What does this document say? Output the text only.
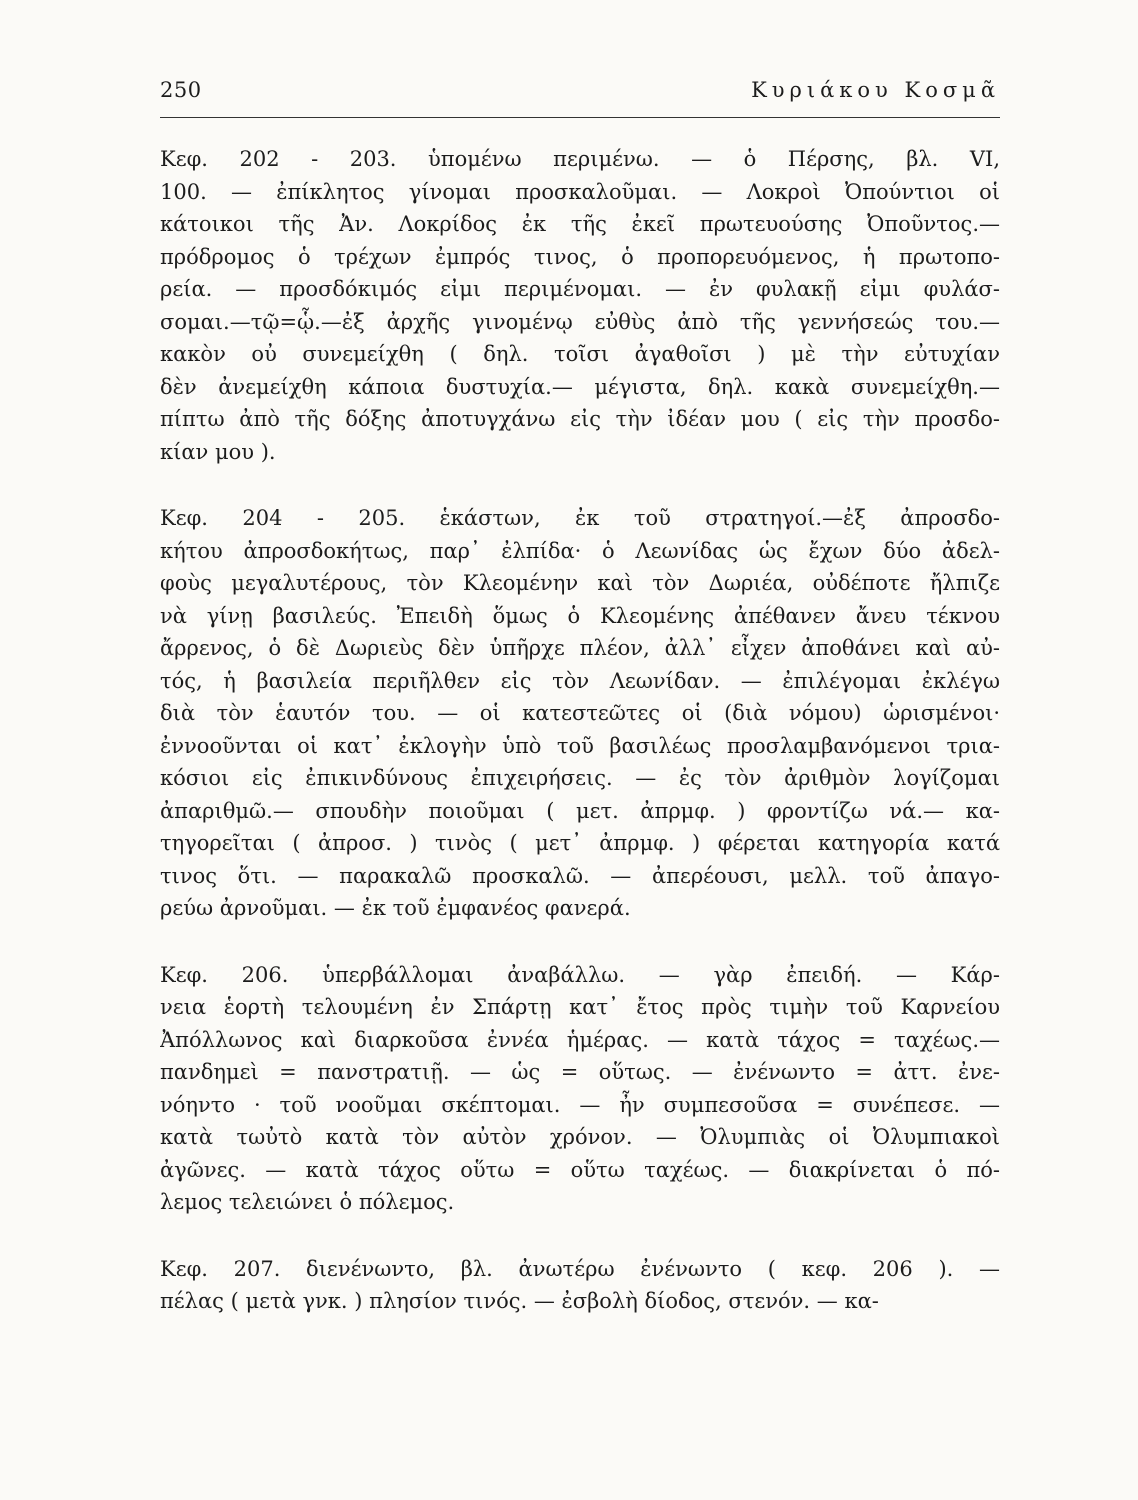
250	Κυριάκου Κοσμᾶ
Κεφ. 202 - 203. ὑπομένω περιμένω. — ὁ Πέρσης, βλ. VI,
100. — ἐπίκλητος γίνομαι προσκαλοῦμαι. — Λοκροὶ Ὀπούντιοι οἱ
κάτοικοι τῆς Ἀν. Λοκρίδος ἐκ τῆς ἐκεῖ πρωτευούσης Ὀποῦντος.—
πρόδρομος ὁ τρέχων ἐμπρός τινος, ὁ προπορευόμενος, ἡ πρωτοπο-
ρεία. — προσδόκιμός εἰμι περιμένομαι. — ἐν φυλακῇ εἰμι φυλάσ-
σομαι.—τῷ=ᾧ.—ἐξ ἀρχῆς γινομένῳ εὐθὺς ἀπὸ τῆς γεννήσεώς του.—
κακὸν οὐ συνεμείχθη ( δηλ. τοῖσι ἀγαθοῖσι ) μὲ τὴν εὐτυχίαν
δὲν ἀνεμείχθη κάποια δυστυχία.— μέγιστα, δηλ. κακὰ συνεμείχθη.—
πίπτω ἀπὸ τῆς δόξης ἀποτυγχάνω εἰς τὴν ἰδέαν μου ( εἰς τὴν προσδο-
κίαν μου ).
Κεφ. 204 - 205. ἑκάστων, ἐκ τοῦ στρατηγοί.—ἐξ ἀπροσδο-
κήτου ἀπροσδοκήτως, παρ᾽ ἐλπίδα· ὁ Λεωνίδας ὡς ἔχων δύο ἀδελ-
φοὺς μεγαλυτέρους, τὸν Κλεομένην καὶ τὸν Δωριέα, οὐδέποτε ἤλπιζε
νὰ γίνῃ βασιλεύς. Ἐπειδὴ ὅμως ὁ Κλεομένης ἀπέθανεν ἄνευ τέκνου
ἄρρενος, ὁ δὲ Δωριεὺς δὲν ὑπῆρχε πλέον, ἀλλ᾽ εἶχεν ἀποθάνει καὶ αὐ-
τός, ἡ βασιλεία περιῆλθεν εἰς τὸν Λεωνίδαν. — ἐπιλέγομαι ἐκλέγω
διὰ τὸν ἑαυτόν του. — οἱ κατεστεῶτες οἱ (διὰ νόμου) ὡρισμένοι·
ἐννοοῦνται οἱ κατ᾽ ἐκλογὴν ὑπὸ τοῦ βασιλέως προσλαμβανόμενοι τρια-
κόσιοι εἰς ἐπικινδύνους ἐπιχειρήσεις. — ἐς τὸν ἀριθμὸν λογίζομαι
ἀπαριθμῶ.— σπουδὴν ποιοῦμαι ( μετ. ἀπρμφ. ) φροντίζω νά.— κα-
τηγορεῖται ( ἀπροσ. ) τινὸς ( μετ᾽ ἀπρμφ. ) φέρεται κατηγορία κατά
τινος ὅτι. — παρακαλῶ προσκαλῶ. — ἀπερέουσι, μελλ. τοῦ ἀπαγο-
ρεύω ἀρνοῦμαι. — ἐκ τοῦ ἐμφανέος φανερά.
Κεφ. 206. ὑπερβάλλομαι ἀναβάλλω. — γὰρ ἐπειδή. — Κάρ-
νεια ἑορτὴ τελουμένη ἐν Σπάρτῃ κατ᾽ ἔτος πρὸς τιμὴν τοῦ Καρνείου
Ἀπόλλωνος καὶ διαρκοῦσα ἐννέα ἡμέρας. — κατὰ τάχος = ταχέως.—
πανδημεὶ = πανστρατιῇ. — ὡς = οὕτως. — ἐνένωντο = ἀττ. ἐνε-
νόηντο · τοῦ νοοῦμαι σκέπτομαι. — ἦν συμπεσοῦσα = συνέπεσε. —
κατὰ τωὐτὸ κατὰ τὸν αὐτὸν χρόνον. — Ὀλυμπιὰς οἱ Ὀλυμπιακοὶ
ἀγῶνες. — κατὰ τάχος οὕτω = οὕτω ταχέως. — διακρίνεται ὁ πό-
λεμος τελειώνει ὁ πόλεμος.
Κεφ. 207. διενένωντο, βλ. ἀνωτέρω ἐνένωντο ( κεφ. 206 ). —
πέλας ( μετὰ γνκ. ) πλησίον τινός. — ἐσβολὴ δίοδος, στενόν. — κα-
